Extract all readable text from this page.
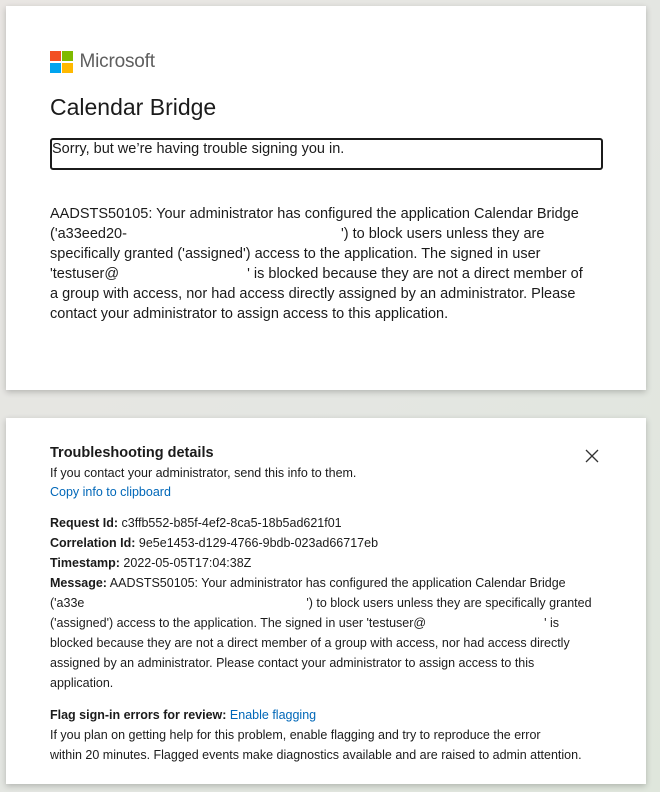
Microsoft
Calendar Bridge
Sorry, but we’re having trouble signing you in.
AADSTS50105: Your administrator has configured the application Calendar Bridge
('a33eed20-	') to block users unless they are
specifically granted ('assigned') access to the application. The signed in user
'testuser@	' is blocked because they are not a direct member of
a group with access, nor had access directly assigned by an administrator. Please
contact your administrator to assign access to this application.
Troubleshooting details

If you contact your administrator, send this info to them.

Copy info to clipboard
Request Id: c3ffb552-b85f-4ef2-8ca5-18b5ad621f01
Correlation Id: 9e5e1453-d129-4766-9bdb-023ad66717eb
Timestamp: 2022-05-05T17:04:38Z
Message: AADSTS50105: Your administrator has configured the application Calendar Bridge
('a33e	') to block users unless they are specifically granted
('assigned') access to the application. The signed in user 'testuser@	' is
blocked because they are not a direct member of a group with access, nor had access directly
assigned by an administrator. Please contact your administrator to assign access to this
application.
Flag sign-in errors for review: Enable flagging
If you plan on getting help for this problem, enable flagging and try to reproduce the error
within 20 minutes. Flagged events make diagnostics available and are raised to admin attention.
